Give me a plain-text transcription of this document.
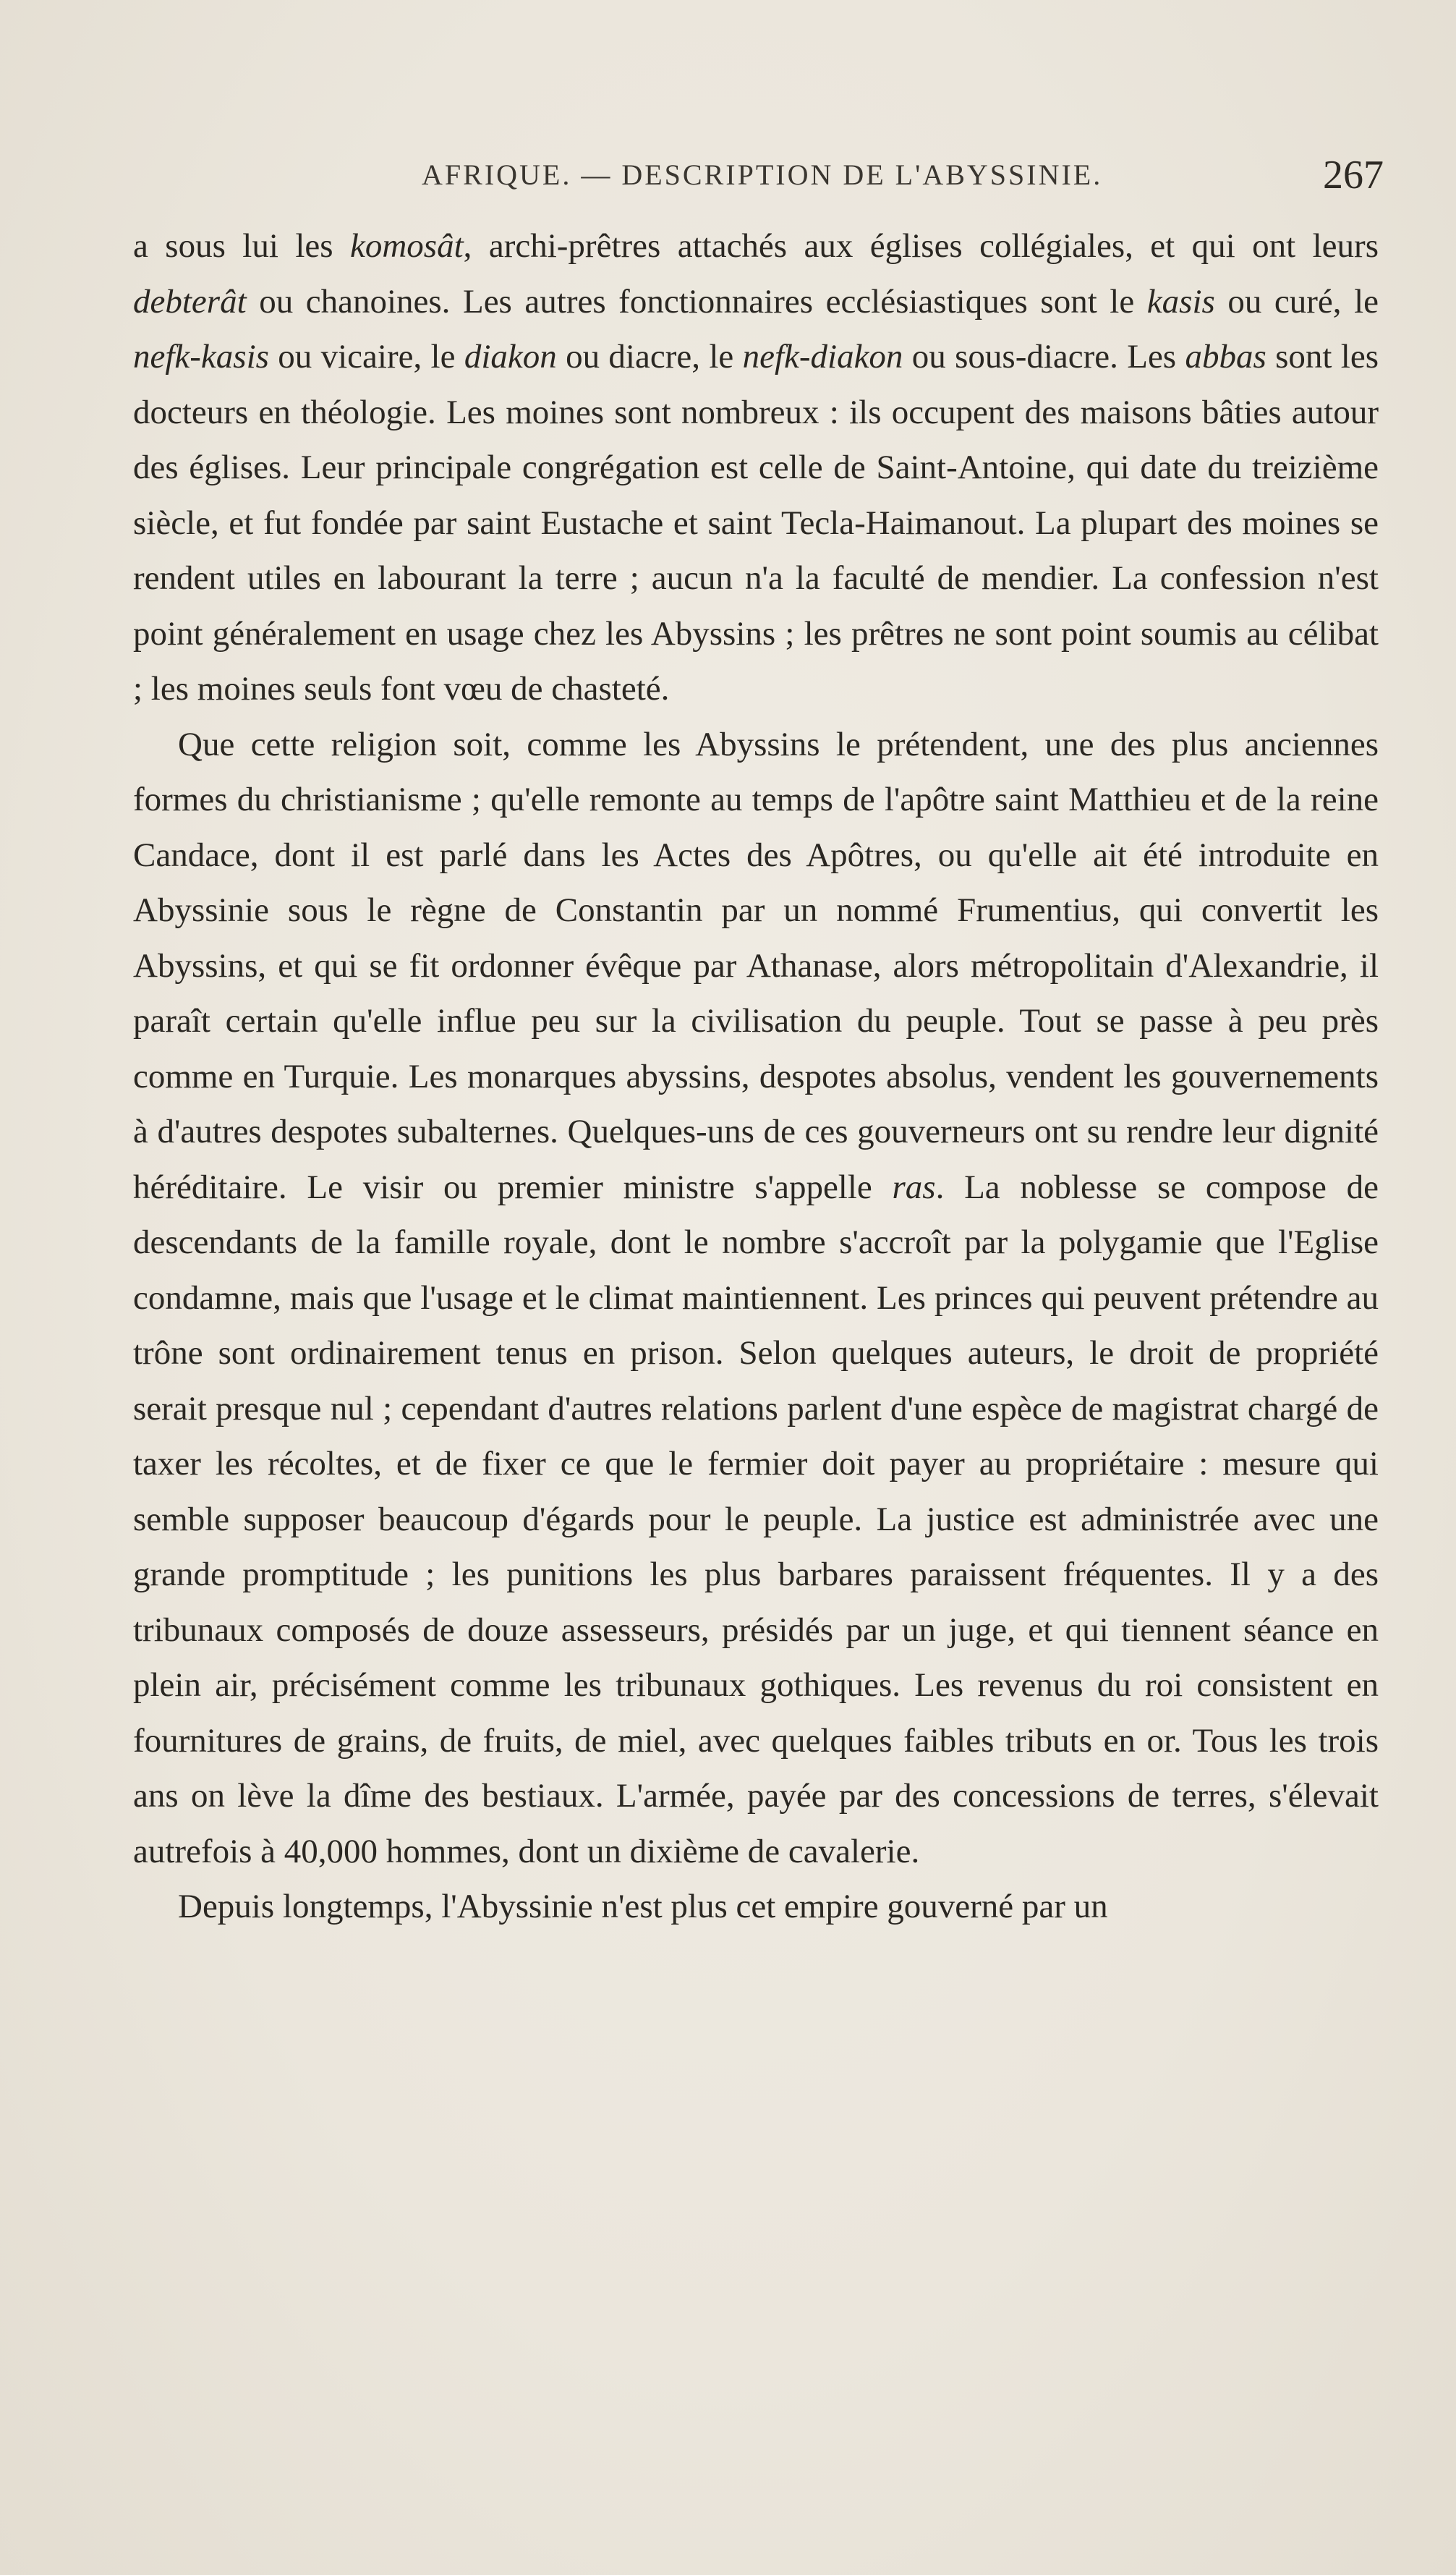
AFRIQUE. — DESCRIPTION DE L'ABYSSINIE.	267

a sous lui les komosât, archi-prêtres attachés aux églises collégiales, et qui ont leurs debterât ou chanoines. Les autres fonctionnaires ecclésiastiques sont le kasis ou curé, le nefk-kasis ou vicaire, le diakon ou diacre, le nefk-diakon ou sous-diacre. Les abbas sont les docteurs en théologie. Les moines sont nombreux : ils occupent des maisons bâties autour des églises. Leur principale congrégation est celle de Saint-Antoine, qui date du treizième siècle, et fut fondée par saint Eustache et saint Tecla-Haimanout. La plupart des moines se rendent utiles en labourant la terre ; aucun n'a la faculté de mendier. La confession n'est point généralement en usage chez les Abyssins ; les prêtres ne sont point soumis au célibat ; les moines seuls font vœu de chasteté.

Que cette religion soit, comme les Abyssins le prétendent, une des plus anciennes formes du christianisme ; qu'elle remonte au temps de l'apôtre saint Matthieu et de la reine Candace, dont il est parlé dans les Actes des Apôtres, ou qu'elle ait été introduite en Abyssinie sous le règne de Constantin par un nommé Frumentius, qui convertit les Abyssins, et qui se fit ordonner évêque par Athanase, alors métropolitain d'Alexandrie, il paraît certain qu'elle influe peu sur la civilisation du peuple. Tout se passe à peu près comme en Turquie. Les monarques abyssins, despotes absolus, vendent les gouvernements à d'autres despotes subalternes. Quelques-uns de ces gouverneurs ont su rendre leur dignité héréditaire. Le visir ou premier ministre s'appelle ras. La noblesse se compose de descendants de la famille royale, dont le nombre s'accroît par la polygamie que l'Eglise condamne, mais que l'usage et le climat maintiennent. Les princes qui peuvent prétendre au trône sont ordinairement tenus en prison. Selon quelques auteurs, le droit de propriété serait presque nul ; cependant d'autres relations parlent d'une espèce de magistrat chargé de taxer les récoltes, et de fixer ce que le fermier doit payer au propriétaire : mesure qui semble supposer beaucoup d'égards pour le peuple. La justice est administrée avec une grande promptitude ; les punitions les plus barbares paraissent fréquentes. Il y a des tribunaux composés de douze assesseurs, présidés par un juge, et qui tiennent séance en plein air, précisément comme les tribunaux gothiques. Les revenus du roi consistent en fournitures de grains, de fruits, de miel, avec quelques faibles tributs en or. Tous les trois ans on lève la dîme des bestiaux. L'armée, payée par des concessions de terres, s'élevait autrefois à 40,000 hommes, dont un dixième de cavalerie.

Depuis longtemps, l'Abyssinie n'est plus cet empire gouverné par un
